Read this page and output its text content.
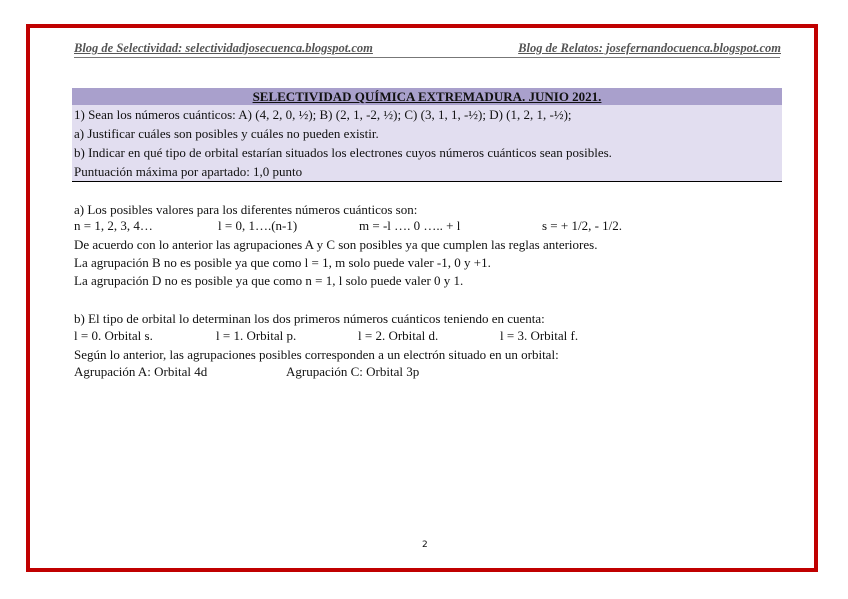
Blog de Selectividad: selectividadjosecuenca.blogspot.com	Blog de Relatos: josefernandocuenca.blogspot.com
SELECTIVIDAD QUÍMICA EXTREMADURA. JUNIO 2021.
1) Sean los números cuánticos: A) (4, 2, 0, ½); B) (2, 1, -2, ½); C) (3, 1, 1, -½); D) (1, 2, 1, -½);
a) Justificar cuáles son posibles y cuáles no pueden existir.
b) Indicar en qué tipo de orbital estarían situados los electrones cuyos números cuánticos sean posibles.
Puntuación máxima por apartado: 1,0 punto
a) Los posibles valores para los diferentes números cuánticos son:
n = 1, 2, 3, 4…	l = 0, 1….(n-1)	m = -l …. 0 ….. + l	s = + 1/2, - 1/2.
De acuerdo con lo anterior las agrupaciones A y C son posibles ya que cumplen las reglas anteriores.
La agrupación B no es posible ya que como l = 1, m solo puede valer -1, 0 y +1.
La agrupación D no es posible ya que como n = 1, l solo puede valer 0 y 1.
b) El tipo de orbital lo determinan los dos primeros números cuánticos teniendo en cuenta:
l = 0. Orbital s.	l = 1. Orbital p.	l = 2. Orbital d.	l = 3. Orbital f.
Según lo anterior, las agrupaciones posibles corresponden a un electrón situado en un orbital:
Agrupación A: Orbital 4d	Agrupación C: Orbital 3p
2
